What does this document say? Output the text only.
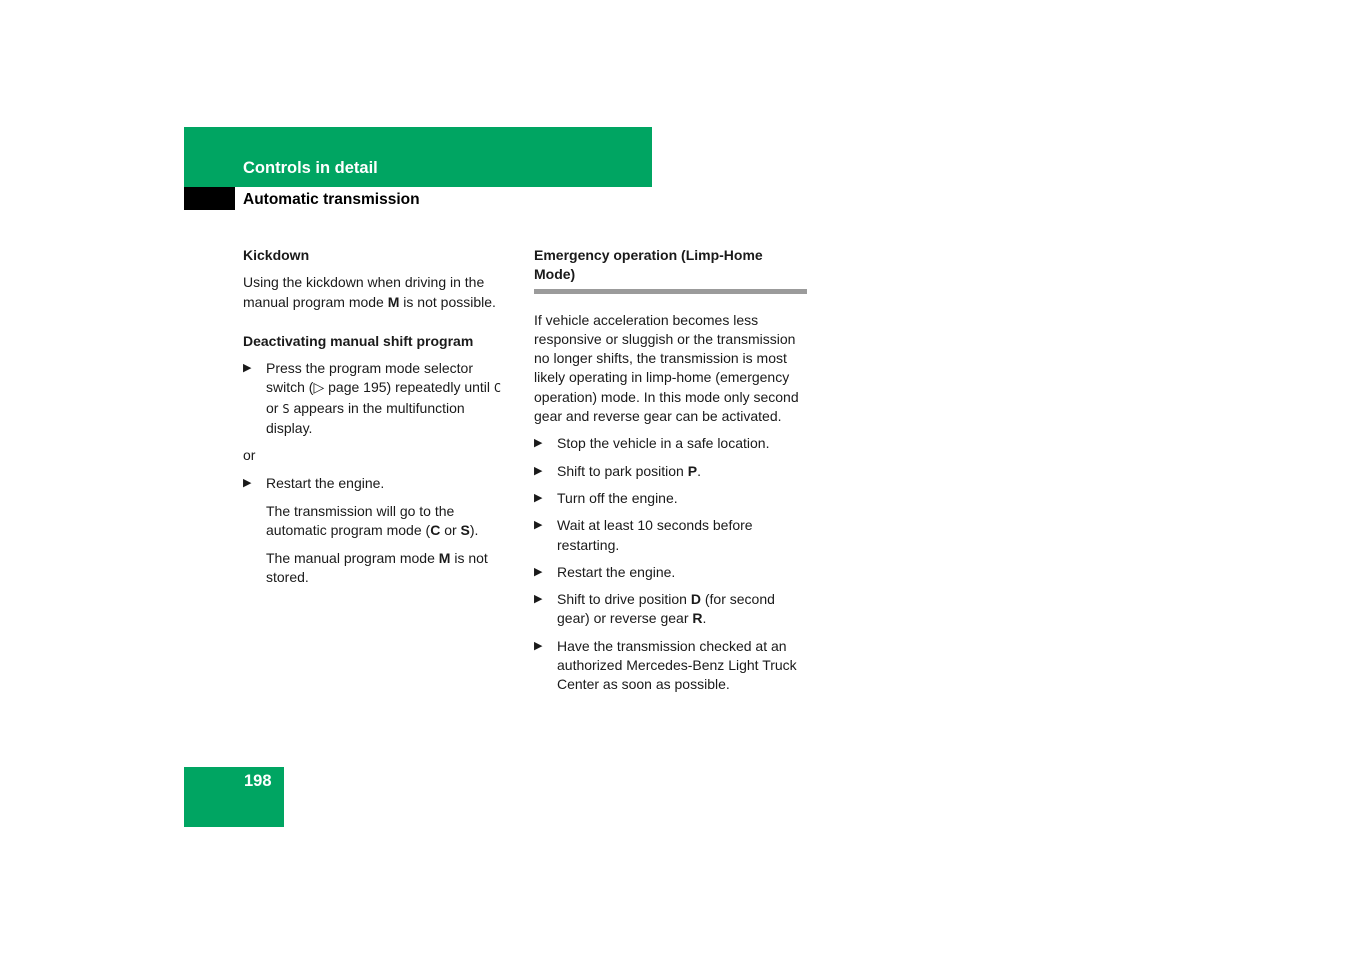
Controls in detail
Automatic transmission

Kickdown

Using the kickdown when driving in the manual program mode M is not possible.

Deactivating manual shift program

▶ Press the program mode selector switch (▷ page 195) repeatedly until C or S appears in the multifunction display.

or

▶ Restart the engine.

The transmission will go to the automatic program mode (C or S).

The manual program mode M is not stored.

Emergency operation (Limp-Home Mode)

If vehicle acceleration becomes less responsive or sluggish or the transmission no longer shifts, the transmission is most likely operating in limp-home (emergency operation) mode. In this mode only second gear and reverse gear can be activated.

▶ Stop the vehicle in a safe location.
▶ Shift to park position P.
▶ Turn off the engine.
▶ Wait at least 10 seconds before restarting.
▶ Restart the engine.
▶ Shift to drive position D (for second gear) or reverse gear R.
▶ Have the transmission checked at an authorized Mercedes-Benz Light Truck Center as soon as possible.
198
